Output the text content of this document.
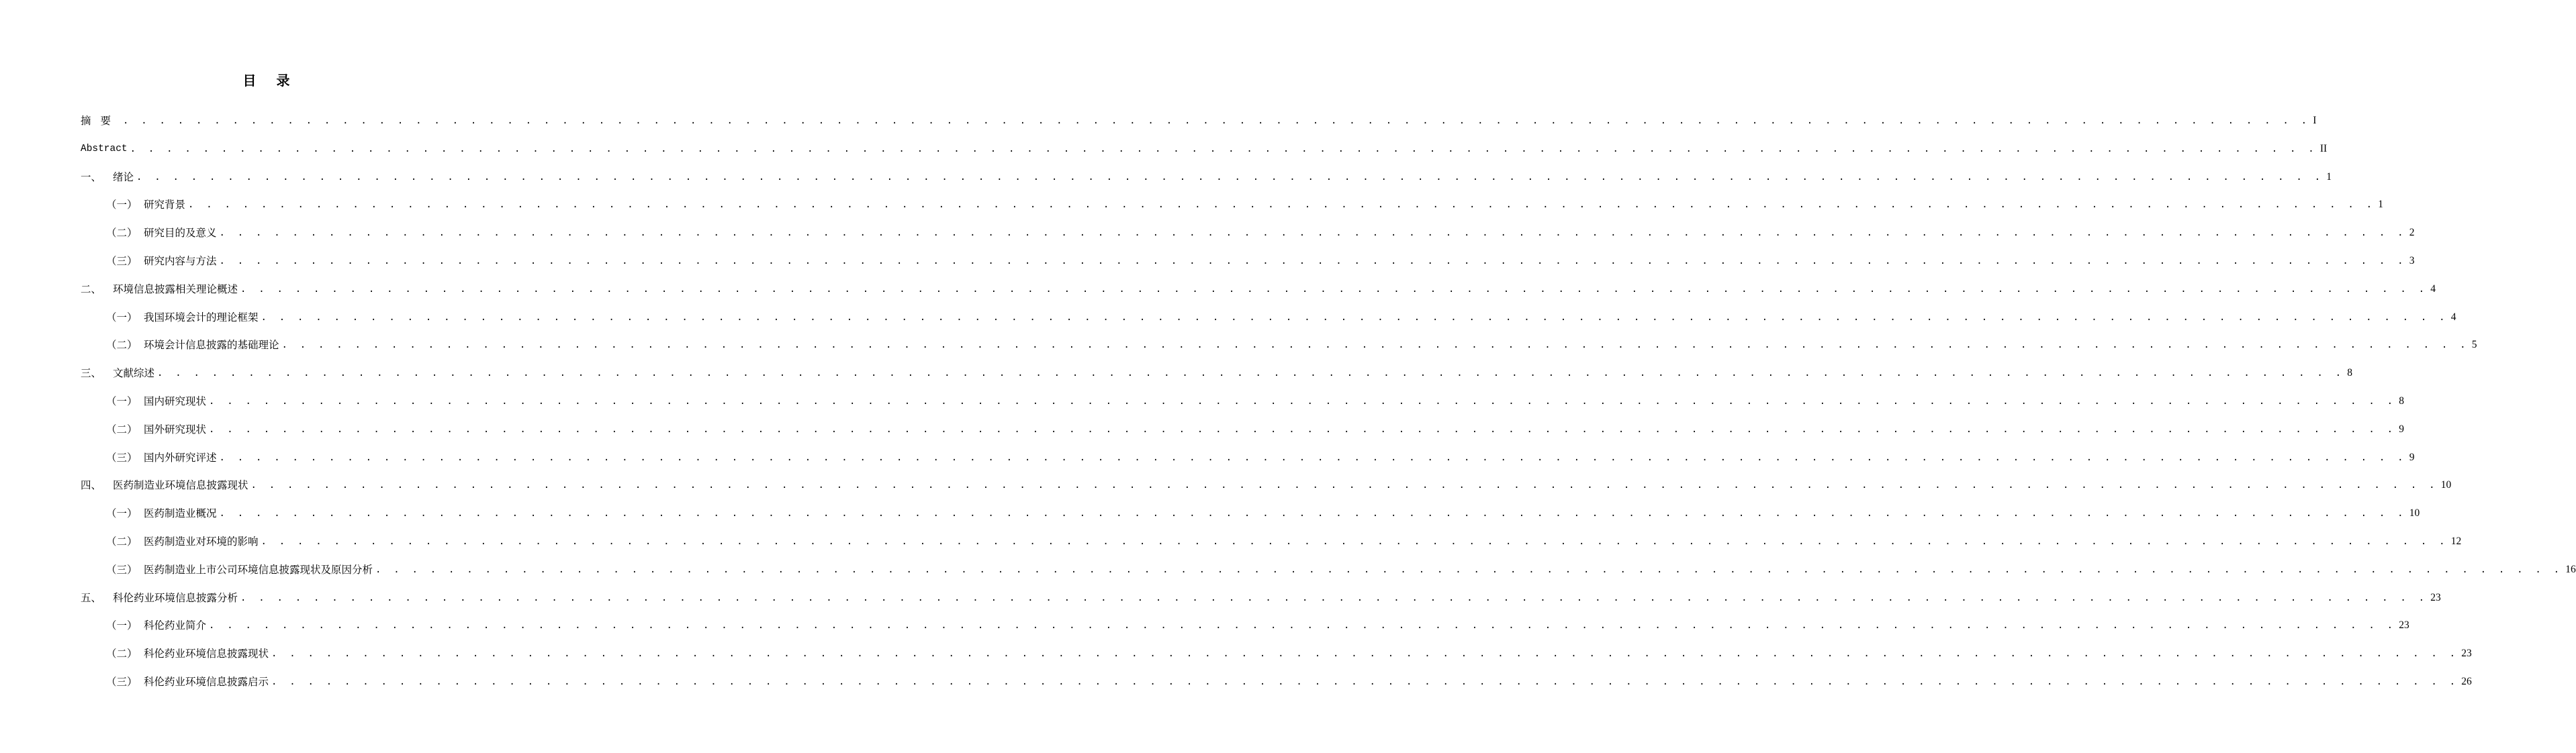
目 录
摘要 . . . . . . . . . . . . . . . . . . . . . . . . . . . . . . . . . . . . . . . . . . . . . . . . . . . . . . . . . . . . . . . . . . . . . . . . . . . . . . . . . . . . . . . . . . . . . . . . . . . . . . . . . . . . . . . . . . . . . . . . I
Abstract . . . . . . . . . . . . . . . . . . . . . . . . . . . . . . . . . . . . . . . . . . . . . . . . . . . . . . . . . . . . . . . . . . . . . . . . . . . . . . . . . . . . . . . . . . . . . . . . . . . . . . . . . . . . . . . . . . . . . . . . II
一、	绪论 . . . . . . . . . . . . . . . . . . . . . . . . . . . . . . . . . . . . . . . . . . . . . . . . . . . . . . . . . . . . . . . . . . . . . . . . . . . . . . . . . . . . . . . . . . . . . . . . . . . . . . . . . . . . . . . . . . . . . . . . 1
（一） 研究背景 . . . . . . . . . . . . . . . . . . . . . . . . . . . . . . . . . . . . . . . . . . . . . . . . . . . . . . . . . . . . . . . . . . . . . . . . . . . . . . . . . . . . . . . . . . . . . . . . . . . . . . . . . . . . . . . . . . . . . . . . 1
（二） 研究目的及意义 . . . . . . . . . . . . . . . . . . . . . . . . . . . . . . . . . . . . . . . . . . . . . . . . . . . . . . . . . . . . . . . . . . . . . . . . . . . . . . . . . . . . . . . . . . . . . . . . . . . . . . . . . . . . . . . . . . . . . . . . 2
（三） 研究内容与方法 . . . . . . . . . . . . . . . . . . . . . . . . . . . . . . . . . . . . . . . . . . . . . . . . . . . . . . . . . . . . . . . . . . . . . . . . . . . . . . . . . . . . . . . . . . . . . . . . . . . . . . . . . . . . . . . . . . . . . . . . 3
二、	环境信息披露相关理论概述 . . . . . . . . . . . . . . . . . . . . . . . . . . . . . . . . . . . . . . . . . . . . . . . . . . . . . . . . . . . . . . . . . . . . . . . . . . . . . . . . . . . . . . . . . . . . . . . . . . . . . . . . . . . . . . . . . . . . . . . . 4
（一） 我国环境会计的理论框架 . . . . . . . . . . . . . . . . . . . . . . . . . . . . . . . . . . . . . . . . . . . . . . . . . . . . . . . . . . . . . . . . . . . . . . . . . . . . . . . . . . . . . . . . . . . . . . . . . . . . . . . . . . . . . . . . . . . . . . . . 4
（二） 环境会计信息披露的基础理论 . . . . . . . . . . . . . . . . . . . . . . . . . . . . . . . . . . . . . . . . . . . . . . . . . . . . . . . . . . . . . . . . . . . . . . . . . . . . . . . . . . . . . . . . . . . . . . . . . . . . . . . . . . . . . . . . . . . . . . . . 5
三、	文献综述 . . . . . . . . . . . . . . . . . . . . . . . . . . . . . . . . . . . . . . . . . . . . . . . . . . . . . . . . . . . . . . . . . . . . . . . . . . . . . . . . . . . . . . . . . . . . . . . . . . . . . . . . . . . . . . . . . . . . . . . . 8
（一） 国内研究现状 . . . . . . . . . . . . . . . . . . . . . . . . . . . . . . . . . . . . . . . . . . . . . . . . . . . . . . . . . . . . . . . . . . . . . . . . . . . . . . . . . . . . . . . . . . . . . . . . . . . . . . . . . . . . . . . . . . . . . . . . 8
（二） 国外研究现状 . . . . . . . . . . . . . . . . . . . . . . . . . . . . . . . . . . . . . . . . . . . . . . . . . . . . . . . . . . . . . . . . . . . . . . . . . . . . . . . . . . . . . . . . . . . . . . . . . . . . . . . . . . . . . . . . . . . . . . . . 9
（三） 国内外研究评述 . . . . . . . . . . . . . . . . . . . . . . . . . . . . . . . . . . . . . . . . . . . . . . . . . . . . . . . . . . . . . . . . . . . . . . . . . . . . . . . . . . . . . . . . . . . . . . . . . . . . . . . . . . . . . . . . . . . . . . . . 9
四、	医药制造业环境信息披露现状 . . . . . . . . . . . . . . . . . . . . . . . . . . . . . . . . . . . . . . . . . . . . . . . . . . . . . . . . . . . . . . . . . . . . . . . . . . . . . . . . . . . . . . . . . . . . . . . . . . . . . . . . . . . . . . . . . . . . . . . . 10
（一） 医药制造业概况 . . . . . . . . . . . . . . . . . . . . . . . . . . . . . . . . . . . . . . . . . . . . . . . . . . . . . . . . . . . . . . . . . . . . . . . . . . . . . . . . . . . . . . . . . . . . . . . . . . . . . . . . . . . . . . . . . . . . . . . . 10
（二） 医药制造业对环境的影响 . . . . . . . . . . . . . . . . . . . . . . . . . . . . . . . . . . . . . . . . . . . . . . . . . . . . . . . . . . . . . . . . . . . . . . . . . . . . . . . . . . . . . . . . . . . . . . . . . . . . . . . . . . . . . . . . . . . . . . . . 12
（三） 医药制造业上市公司环境信息披露现状及原因分析 . . . . . . . . . . . . . . . . . . . . . . . . . . . . . . . . . . . . . . . . . . . . . . . . . . . . . . . . . . . . . . . . . . . . . . . . . . . . . . . . . . . . . . . . . . . . . . . . . . . . . . . . . . . . . . . . . . . . . . . . 16
五、	科伦药业环境信息披露分析 . . . . . . . . . . . . . . . . . . . . . . . . . . . . . . . . . . . . . . . . . . . . . . . . . . . . . . . . . . . . . . . . . . . . . . . . . . . . . . . . . . . . . . . . . . . . . . . . . . . . . . . . . . . . . . . . . . . . . . . . 23
（一） 科伦药业简介 . . . . . . . . . . . . . . . . . . . . . . . . . . . . . . . . . . . . . . . . . . . . . . . . . . . . . . . . . . . . . . . . . . . . . . . . . . . . . . . . . . . . . . . . . . . . . . . . . . . . . . . . . . . . . . . . . . . . . . . . 23
（二） 科伦药业环境信息披露现状 . . . . . . . . . . . . . . . . . . . . . . . . . . . . . . . . . . . . . . . . . . . . . . . . . . . . . . . . . . . . . . . . . . . . . . . . . . . . . . . . . . . . . . . . . . . . . . . . . . . . . . . . . . . . . . . . . . . . . . . . 23
（三） 科伦药业环境信息披露启示 . . . . . . . . . . . . . . . . . . . . . . . . . . . . . . . . . . . . . . . . . . . . . . . . . . . . . . . . . . . . . . . . . . . . . . . . . . . . . . . . . . . . . . . . . . . . . . . . . . . . . . . . . . . . . . . . . . . . . . . . 26
